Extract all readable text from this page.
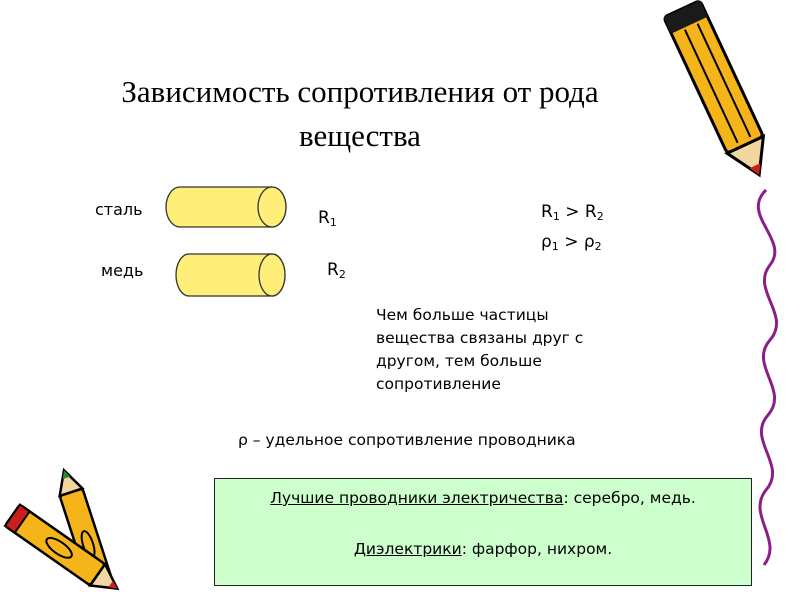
Зависимость сопротивления от рода
вещества
сталь
медь
$R_1$
$R_2$
$R_1 > R_2$
$\rho_1 > \rho_2$
Чем больше частицы
вещества связаны друг с
другом, тем больше
сопротивление
ρ – удельное сопротивление проводника
Лучшие проводники электричества: серебро, медь.
Диэлектрики: фарфор, нихром.
